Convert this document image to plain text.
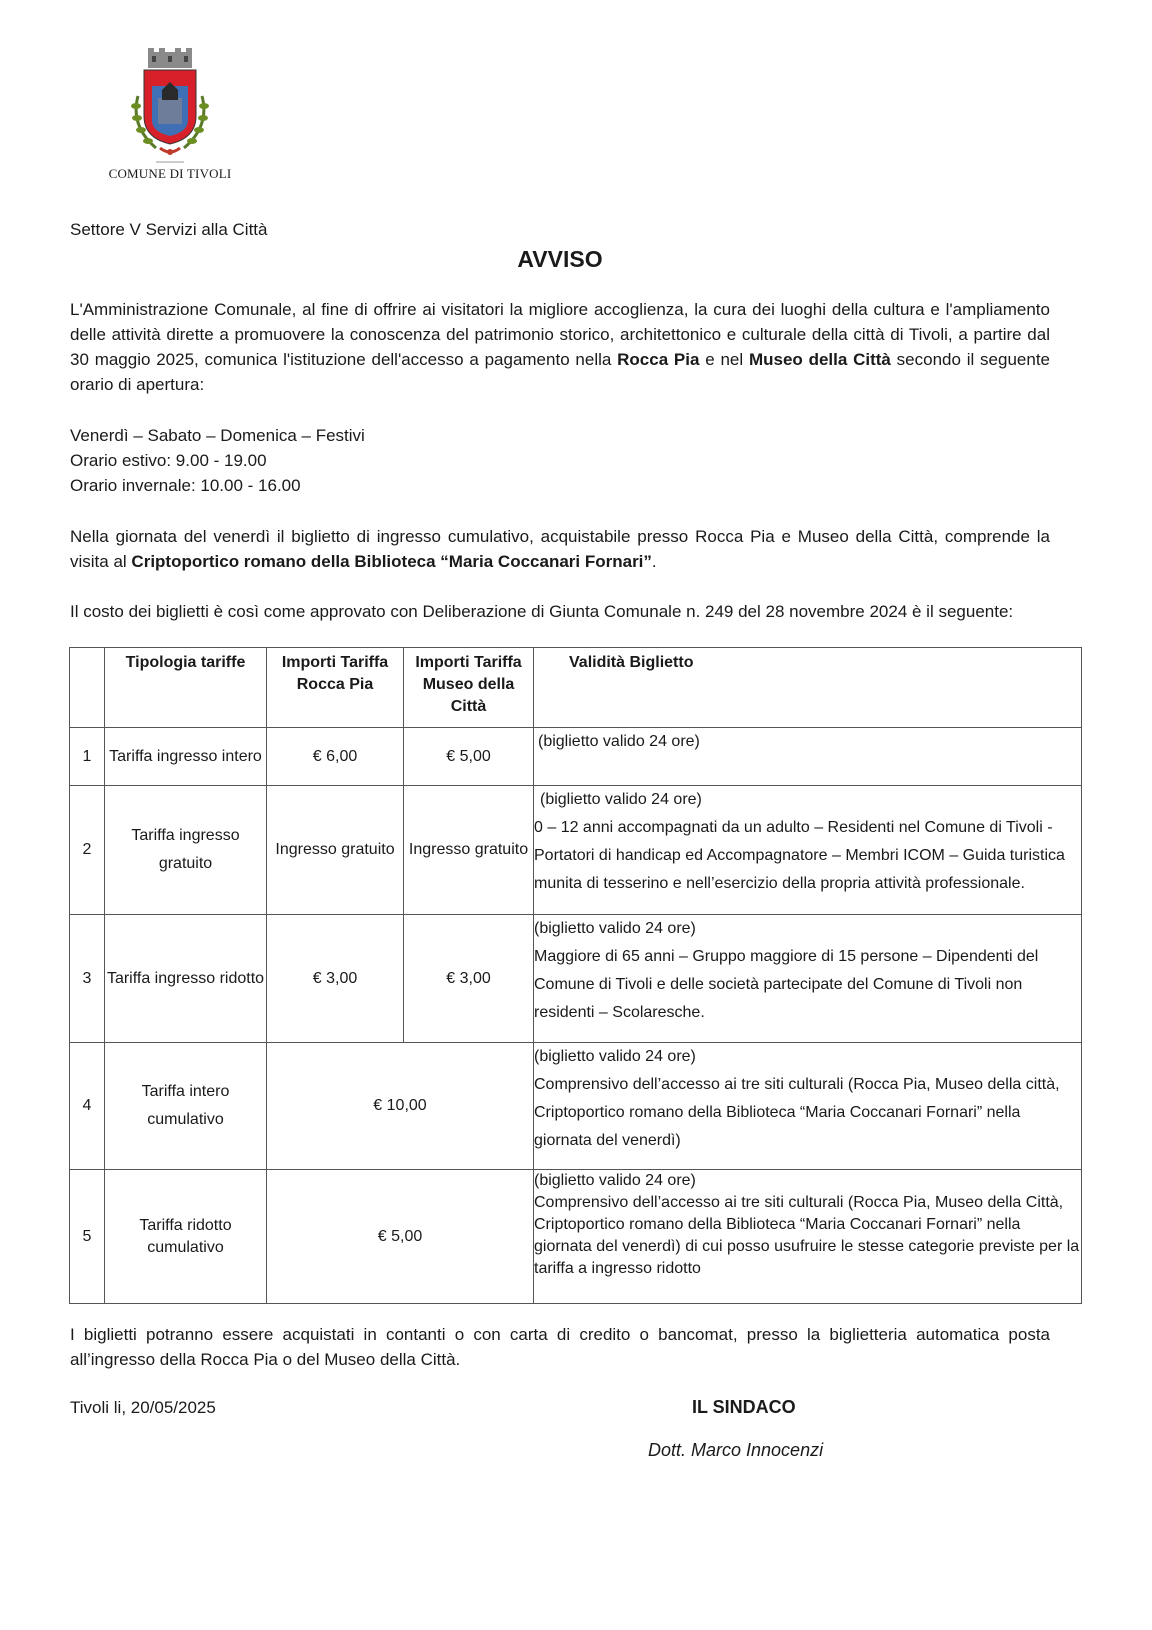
COMUNE DI TIVOLI
Settore V Servizi alla Città
AVVISO
L'Amministrazione Comunale, al fine di offrire ai visitatori la migliore accoglienza, la cura dei luoghi della cultura e l'ampliamento delle attività dirette a promuovere la conoscenza del patrimonio storico, architettonico e culturale della città di Tivoli, a partire dal 30 maggio 2025, comunica l'istituzione dell'accesso a pagamento nella Rocca Pia e nel Museo della Città secondo il seguente orario di apertura:
Venerdì – Sabato – Domenica – Festivi
Orario estivo: 9.00 - 19.00
Orario invernale: 10.00 - 16.00
Nella giornata del venerdì il biglietto di ingresso cumulativo, acquistabile presso Rocca Pia e Museo della Città, comprende la visita al Criptoportico romano della Biblioteca “Maria Coccanari Fornari”.
Il costo dei biglietti è così come approvato con Deliberazione di Giunta Comunale n. 249 del 28 novembre 2024 è il seguente:
	Tipologia tariffe	Importi Tariffa Rocca Pia	Importi Tariffa Museo della Città	Validità Biglietto
1	Tariffa ingresso intero	€ 6,00	€ 5,00	(biglietto valido 24 ore)

2	Tariffa ingresso gratuito	Ingresso gratuito	Ingresso gratuito	(biglietto valido 24 ore)
0 – 12 anni accompagnati da un adulto – Residenti nel Comune di Tivoli - Portatori di handicap ed Accompagnatore – Membri ICOM – Guida turistica munita di tesserino e nell’esercizio della propria attività professionale.

3	Tariffa ingresso ridotto	€ 3,00	€ 3,00	(biglietto valido 24 ore)
Maggiore di 65 anni – Gruppo maggiore di 15 persone – Dipendenti del Comune di Tivoli e delle società partecipate del Comune di Tivoli non residenti – Scolaresche.

4	Tariffa intero cumulativo	€ 10,00		(biglietto valido 24 ore)
Comprensivo dell’accesso ai tre siti culturali (Rocca Pia, Museo della città, Criptoportico romano della Biblioteca “Maria Coccanari Fornari” nella giornata del venerdì)

5	Tariffa ridotto cumulativo	€ 5,00		(biglietto valido 24 ore)
Comprensivo dell’accesso ai tre siti culturali (Rocca Pia, Museo della Città, Criptoportico romano della Biblioteca “Maria Coccanari Fornari” nella giornata del venerdì) di cui posso usufruire le stesse categorie previste per la tariffa a ingresso ridotto
I biglietti potranno essere acquistati in contanti o con carta di credito o bancomat, presso la biglietteria automatica posta all’ingresso della Rocca Pia o del Museo della Città.
Tivoli li, 20/05/2025	IL SINDACO
Dott. Marco Innocenzi
